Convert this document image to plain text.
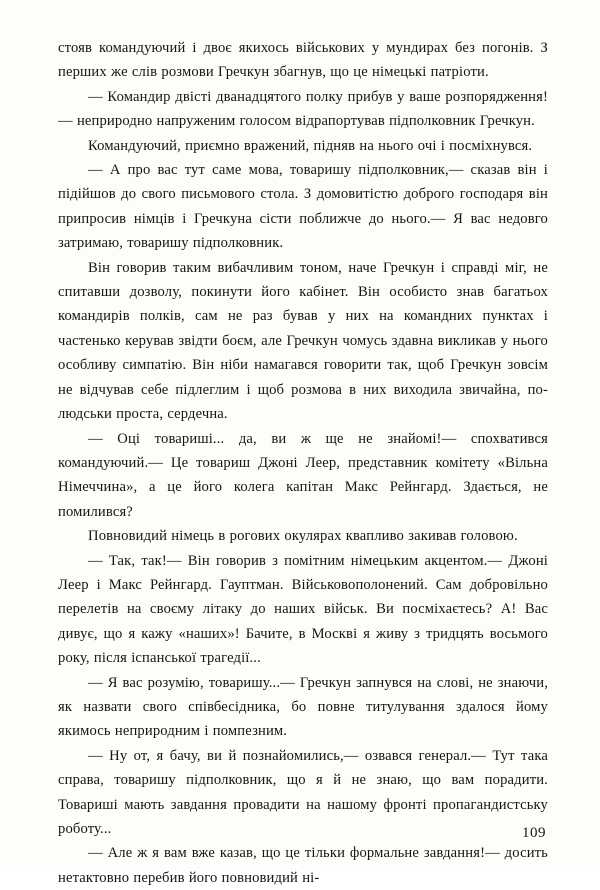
стояв командуючий і двоє якихось військових у мундирах без погонів. З перших же слів розмови Гречкун збагнув, що це німецькі патріоти.

— Командир двісті дванадцятого полку прибув у ваше розпорядження!— неприродно напруженим голосом відрапортував підполковник Гречкун.

Командуючий, приємно вражений, підняв на нього очі і посміхнувся.

— А про вас тут саме мова, товаришу підполковник,— сказав він і підійшов до свого письмового стола. З домовитістю доброго господаря він припросив німців і Гречкуна сісти поближче до нього.— Я вас недовго затримаю, товаришу підполковник.

Він говорив таким вибачливим тоном, наче Гречкун і справді міг, не спитавши дозволу, покинути його кабінет. Він особисто знав багатьох командирів полків, сам не раз бував у них на командних пунктах і частенько керував звідти боєм, але Гречкун чомусь здавна викликав у нього особливу симпатію. Він ніби намагався говорити так, щоб Гречкун зовсім не відчував себе підлеглим і щоб розмова в них виходила звичайна, по-людськи проста, сердечна.

— Оці товариші... да, ви ж ще не знайомі!— спохватився командуючий.— Це товариш Джоні Леер, представник комітету «Вільна Німеччина», а це його колега капітан Макс Рейнгард. Здається, не помилився?

Повновидий німець в рогових окулярах квапливо закивав головою.

— Так, так!— Він говорив з помітним німецьким акцентом.— Джоні Леер і Макс Рейнгард. Гауптман. Військовополонений. Сам добровільно перелетів на своєму літаку до наших військ. Ви посміхаєтесь? А! Вас дивує, що я кажу «наших»! Бачите, в Москві я живу з тридцять восьмого року, після іспанської трагедії...

— Я вас розумію, товаришу...— Гречкун запнувся на слові, не знаючи, як назвати свого співбесідника, бо повне титулування здалося йому якимось неприродним і помпезним.

— Ну от, я бачу, ви й познайомились,— озвався генерал.— Тут така справа, товаришу підполковник, що я й не знаю, що вам порадити. Товариші мають завдання провадити на нашому фронті пропагандистську роботу...

— Але ж я вам вже казав, що це тільки формальне завдання!— досить нетактовно перебив його повновидий ні-

109
